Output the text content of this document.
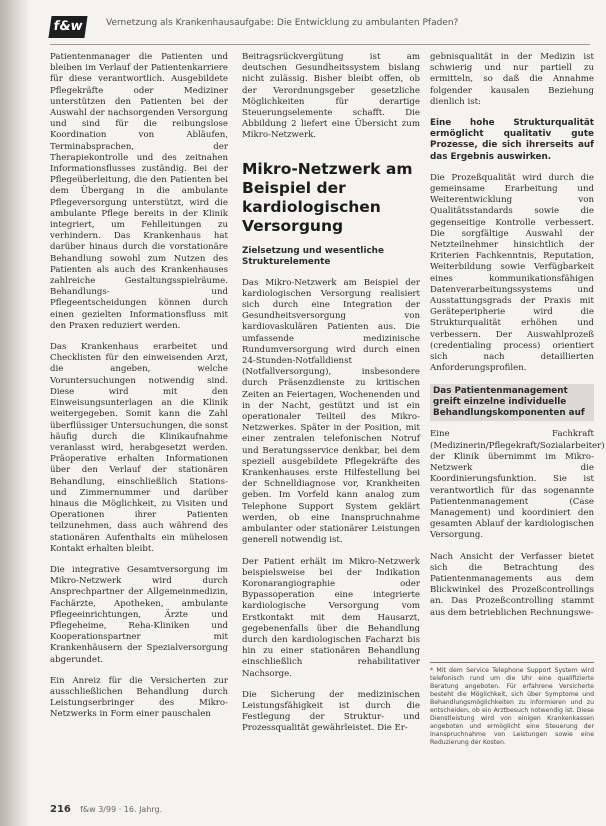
f&w	Vernetzung als Krankenhausaufgabe: Die Entwicklung zu ambulanten Pfaden?

Patientenmanager die Patienten und bleiben im Verlauf der Patientenkarriere für diese verantwortlich. Ausgebildete Pflegekräfte oder Mediziner unterstützen den Patienten bei der Auswahl der nachsorgenden Versorgung und sind für die reibungslose Koordination von Abläufen, Terminabsprachen, der Therapiekontrolle und des zeitnahen Informationsflusses zuständig. Bei der Pflegeüberleitung, die den Patienten bei dem Übergang in die ambulante Pflegeversorgung unterstützt, wird die ambulante Pflege bereits in der Klinik integriert, um Fehlleitungen zu verhindern. Das Krankenhaus hat darüber hinaus durch die vorstationäre Behandlung sowohl zum Nutzen des Patienten als auch des Krankenhauses zahlreiche Gestaltungsspielräume. Behandlungs- und Pflegeentscheidungen können durch einen gezielten Informationsfluss mit den Praxen reduziert werden.

Das Krankenhaus erarbeitet und Checklisten für den einweisenden Arzt, die angeben, welche Voruntersuchungen notwendig sind. Diese wird mit den Einweisungsunterlagen an die Klinik weitergegeben. Somit kann die Zahl überflüssiger Untersuchungen, die sonst häufig durch die Klinikaufnahme veranlasst wird, herabgesetzt werden. Präoperative erhalten Informationen über den Verlauf der stationären Behandlung, einschließlich Stations- und Zimmernummer und darüber hinaus die Möglichkeit, zu Visiten und Operationen ihrer Patienten teilzunehmen, dass auch während des stationären Aufenthalts ein mühelosen Kontakt erhalten bleibt.

Die integrative Gesamtversorgung im Mikro-Netzwerk wird durch Ansprechpartner der Allgemeinmedizin, Fachärzte, Apotheken, ambulante Pflegeeinrichtungen, Ärzte und Pflegeheime, Reha-Kliniken und Kooperationspartner mit Krankenhäusern der Spezialversorgung abgerundet.

Ein Anreiz für die Versicherten zur ausschließlichen Behandlung durch Leistungserbringer des Mikro-Netzwerks in Form einer pauschalen

Beitragsrückvergütung ist am deutschen Gesundheitssystem bislang nicht zulässig. Bisher bleibt offen, ob der Verordnungsgeber gesetzliche Möglichkeiten für derartige Steuerungselemente schafft. Die Abbildung 2 liefert eine Übersicht zum Mikro-Netzwerk.

Mikro-Netzwerk am Beispiel der kardiologischen Versorgung
Zielsetzung und wesentliche Strukturelemente

Das Mikro-Netzwerk am Beispiel der kardiologischen Versorgung realisiert sich durch eine Integration der Gesundheitsversorgung von kardiovaskulären Patienten aus. Die umfassende medizinische Rundumversorgung wird durch einen 24-Stunden-Notfalldienst (Notfallversorgung), insbesondere durch Präsenzdienste zu kritischen Zeiten an Feiertagen, Wochenenden und in der Nacht, gestützt und ist ein operationaler Teilteil des Mikro-Netzwerkes. Später in der Position, mit einer zentralen telefonischen Notruf und Beratungsservice denkbar, bei dem speziell ausgebildete Pflegekräfte des Krankenhauses erste Hilfestellung bei der Schnelldiagnose vor, Krankheiten geben. Im Vorfeld kann analog zum Telephone Support System geklärt werden, ob eine Inanspruchnahme ambulanter oder stationärer Leistungen generell notwendig ist.

Der Patient erhält im Mikro-Netzwerk beispielsweise bei der Indikation Koronarangiographie oder Bypassoperation eine integrierte kardiologische Versorgung vom Erstkontakt mit dem Hausarzt, gegebenenfalls über die Behandlung durch den kardiologischen Facharzt bis hin zu einer stationären Behandlung einschließlich rehabilitativer Nachsorge.

Die Sicherung der medizinischen Leistungsfähigkeit ist durch die Festlegung der Struktur- und Prozessqualität gewährleistet. Die Er-

gebnisqualität in der Medizin ist schwierig und nur partiell zu ermitteln, so daß die Annahme folgender kausalen Beziehung dienlich ist:

Eine hohe Strukturqualität ermöglicht qualitativ gute Prozesse, die sich ihrerseits auf das Ergebnis auswirken.

Die Prozeßqualität wird durch die gemeinsame Erarbeitung und Weiterentwicklung von Qualitätsstandards sowie die gegenseitige Kontrolle verbessert. Die sorgfältige Auswahl der Netzteilnehmer hinsichtlich der Kriterien Fachkenntnis, Reputation, Weiterbildung sowie Verfügbarkeit eines kommunikationsfähigen Datenverarbeitungssystems und Ausstattungsgrads der Praxis mit Geräteperipherie wird die Strukturqualität erhöhen und verbessern. Der Auswahlprozeß (credentialing process) orientiert sich nach detaillierten Anforderungsprofilen.

Das Patientenmanagement greift einzelne individuelle Behandlungskomponenten auf

Eine Fachkraft (Medizinerin/Pflegekraft/Sozialarbeiter) der Klinik übernimmt im Mikro-Netzwerk die Koordinierungsfunktion. Sie ist verantwortlich für das sogenannte Patientenmanagement (Case Management) und koordiniert den gesamten Ablauf der kardiologischen Versorgung.

Nach Ansicht der Verfasser bietet sich die Betrachtung des Patientenmanagements aus dem Blickwinkel des Prozeßcontrollings an. Das Prozeßcontrolling stammt aus dem betrieblichen Rechnungswe-

* Mit dem Service Telephone Support System wird telefonisch rund um die Uhr eine qualifizierte Beratung angeboten. Für erfahrene Versicherte besteht die Möglichkeit, sich über Symptome und Behandlungsmöglichkeiten zu informieren und zu entscheiden, ob ein Arztbesuch notwendig ist. Diese Dienstleistung wird von einigen Krankenkassen angeboten und ermöglicht eine Steuerung der Inanspruchnahme von Leistungen sowie eine Reduzierung der Kosten.
216 f&w 3/99 · 16. Jahrg.
